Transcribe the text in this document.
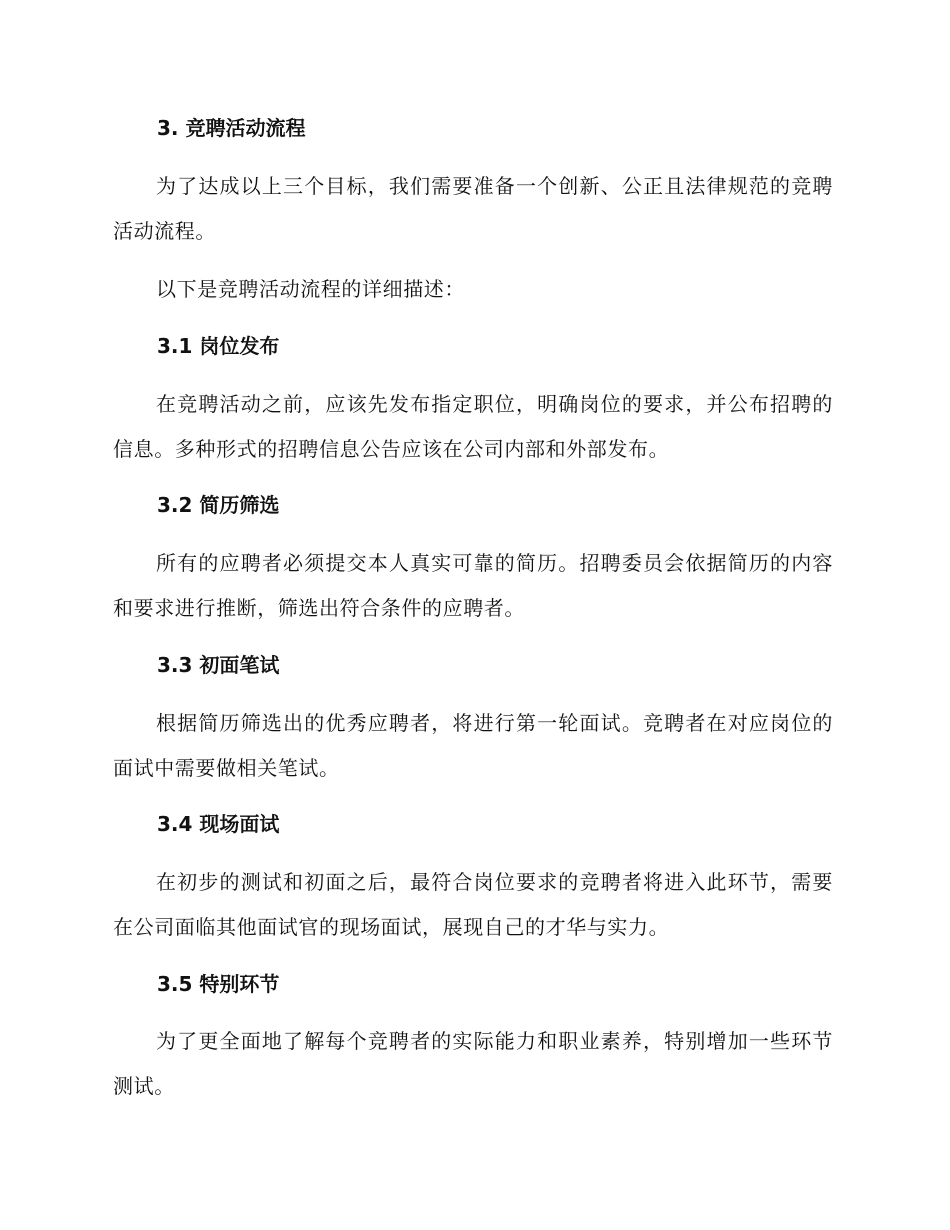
3. 竞聘活动流程

为了达成以上三个目标，我们需要准备一个创新、公正且法律规范的竞聘活动流程。

以下是竞聘活动流程的详细描述：

3.1 岗位发布

在竞聘活动之前，应该先发布指定职位，明确岗位的要求，并公布招聘的信息。多种形式的招聘信息公告应该在公司内部和外部发布。

3.2 简历筛选

所有的应聘者必须提交本人真实可靠的简历。招聘委员会依据简历的内容和要求进行推断，筛选出符合条件的应聘者。

3.3 初面笔试

根据简历筛选出的优秀应聘者，将进行第一轮面试。竞聘者在对应岗位的面试中需要做相关笔试。

3.4 现场面试

在初步的测试和初面之后，最符合岗位要求的竞聘者将进入此环节，需要在公司面临其他面试官的现场面试，展现自己的才华与实力。

3.5 特别环节

为了更全面地了解每个竞聘者的实际能力和职业素养，特别增加一些环节测试。
